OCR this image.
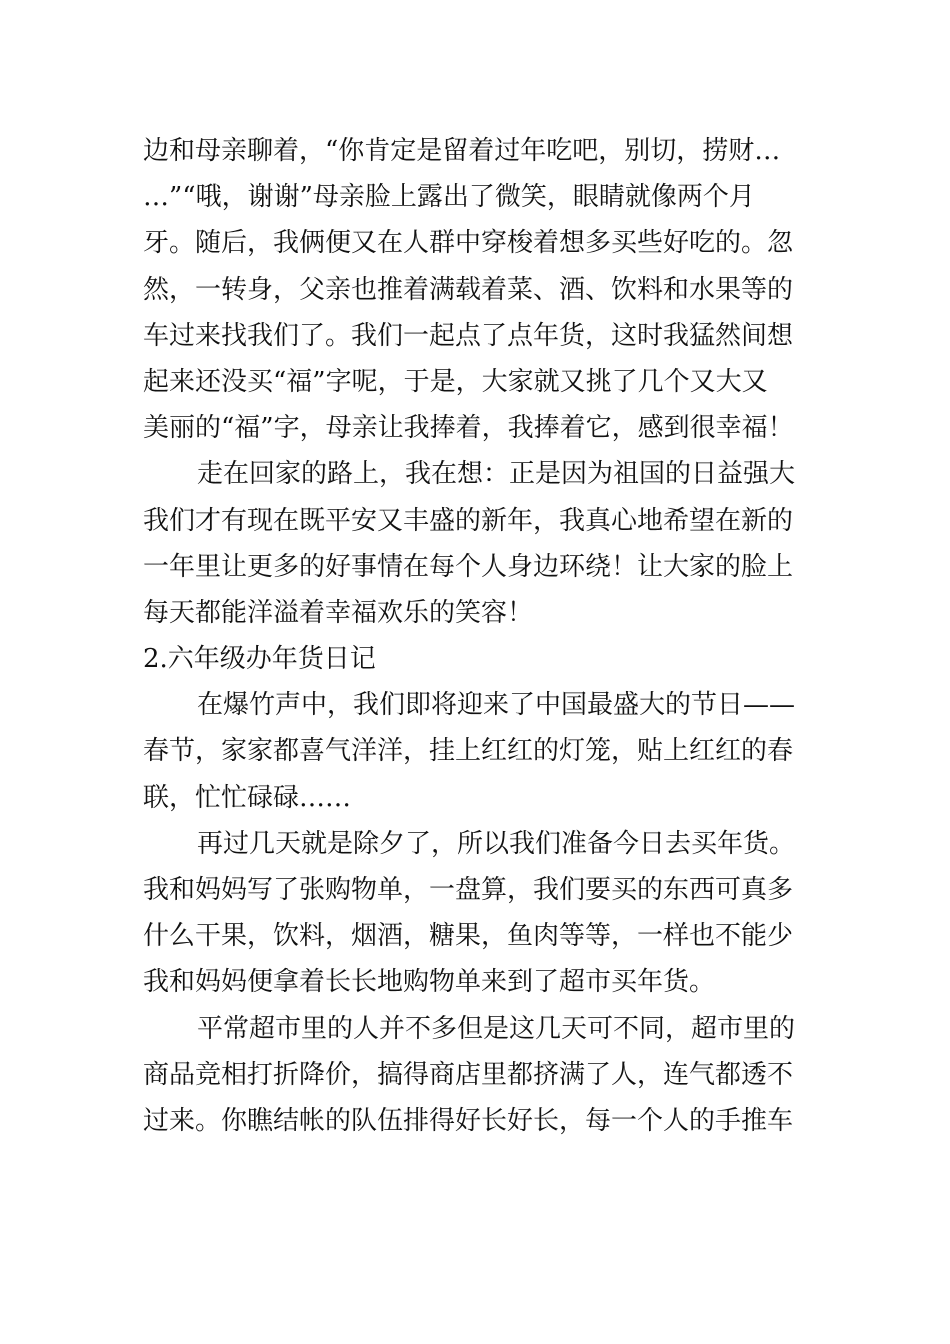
边和母亲聊着，“你肯定是留着过年吃吧，别切，捞财…
…”“哦，谢谢”母亲脸上露出了微笑，眼睛就像两个月
牙。随后，我俩便又在人群中穿梭着想多买些好吃的。忽
然，一转身，父亲也推着满载着菜、酒、饮料和水果等的
车过来找我们了。我们一起点了点年货，这时我猛然间想
起来还没买“福”字呢，于是，大家就又挑了几个又大又
美丽的“福”字，母亲让我捧着，我捧着它，感到很幸福！
走在回家的路上，我在想：正是因为祖国的日益强大
我们才有现在既平安又丰盛的新年，我真心地希望在新的
一年里让更多的好事情在每个人身边环绕！让大家的脸上
每天都能洋溢着幸福欢乐的笑容！
2.六年级办年货日记
在爆竹声中，我们即将迎来了中国最盛大的节日——
春节，家家都喜气洋洋，挂上红红的灯笼，贴上红红的春
联，忙忙碌碌……
再过几天就是除夕了，所以我们准备今日去买年货。
我和妈妈写了张购物单，一盘算，我们要买的东西可真多
什么干果，饮料，烟酒，糖果，鱼肉等等，一样也不能少
我和妈妈便拿着长长地购物单来到了超市买年货。
平常超市里的人并不多但是这几天可不同，超市里的
商品竞相打折降价，搞得商店里都挤满了人，连气都透不
过来。你瞧结帐的队伍排得好长好长，每一个人的手推车
